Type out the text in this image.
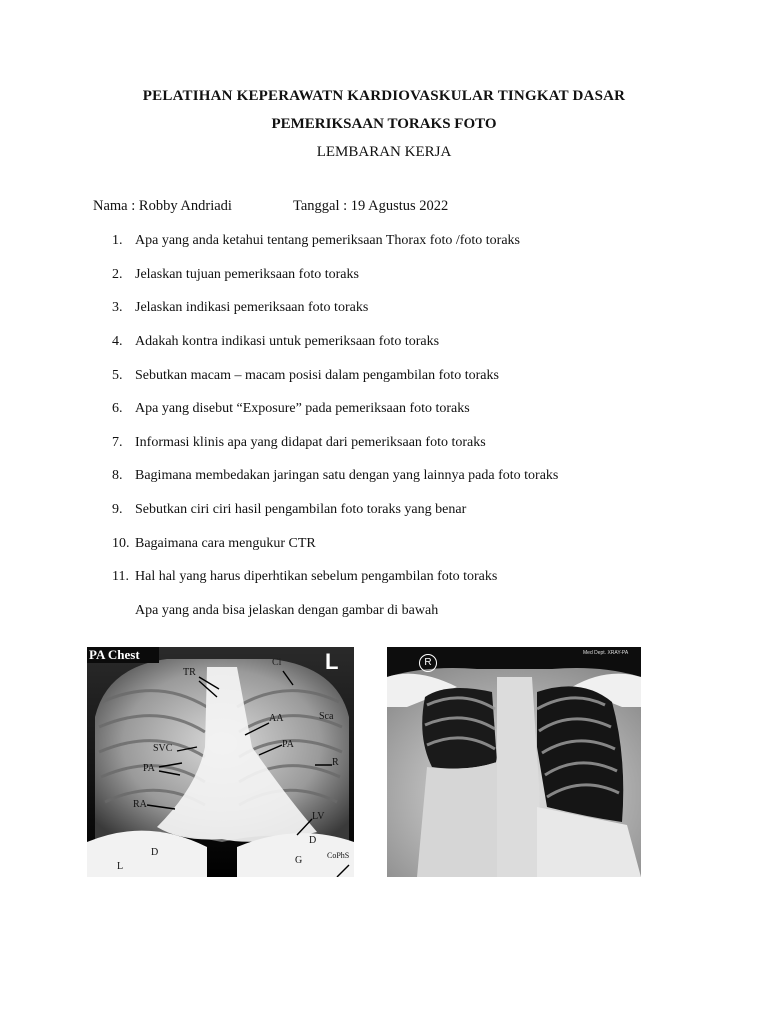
PELATIHAN KEPERAWATN KARDIOVASKULAR TINGKAT DASAR
PEMERIKSAAN TORAKS FOTO
LEMBARAN KERJA
Nama : Robby Andriadi	Tanggal : 19 Agustus 2022
1. Apa yang anda ketahui tentang pemeriksaan Thorax foto /foto toraks
2. Jelaskan tujuan pemeriksaan foto toraks
3. Jelaskan indikasi pemeriksaan foto toraks
4. Adakah kontra indikasi untuk pemeriksaan foto toraks
5. Sebutkan macam – macam posisi dalam pengambilan foto toraks
6. Apa yang disebut “Exposure” pada pemeriksaan foto toraks
7. Informasi klinis apa yang didapat dari pemeriksaan foto toraks
8. Bagimana membedakan jaringan satu dengan yang lainnya pada foto toraks
9. Sebutkan ciri ciri hasil pengambilan foto toraks yang benar
10. Bagaimana cara mengukur CTR
11. Hal hal yang harus diperhtikan sebelum pengambilan foto toraks
Apa yang anda bisa jelaskan dengan gambar di bawah
PA Chest	L
TR
Cl
Sca
AA
SVC	PA
R
PA
RA
LV
D
D
G	CoPhS
L
R
Med Dept. XRAY-PA
